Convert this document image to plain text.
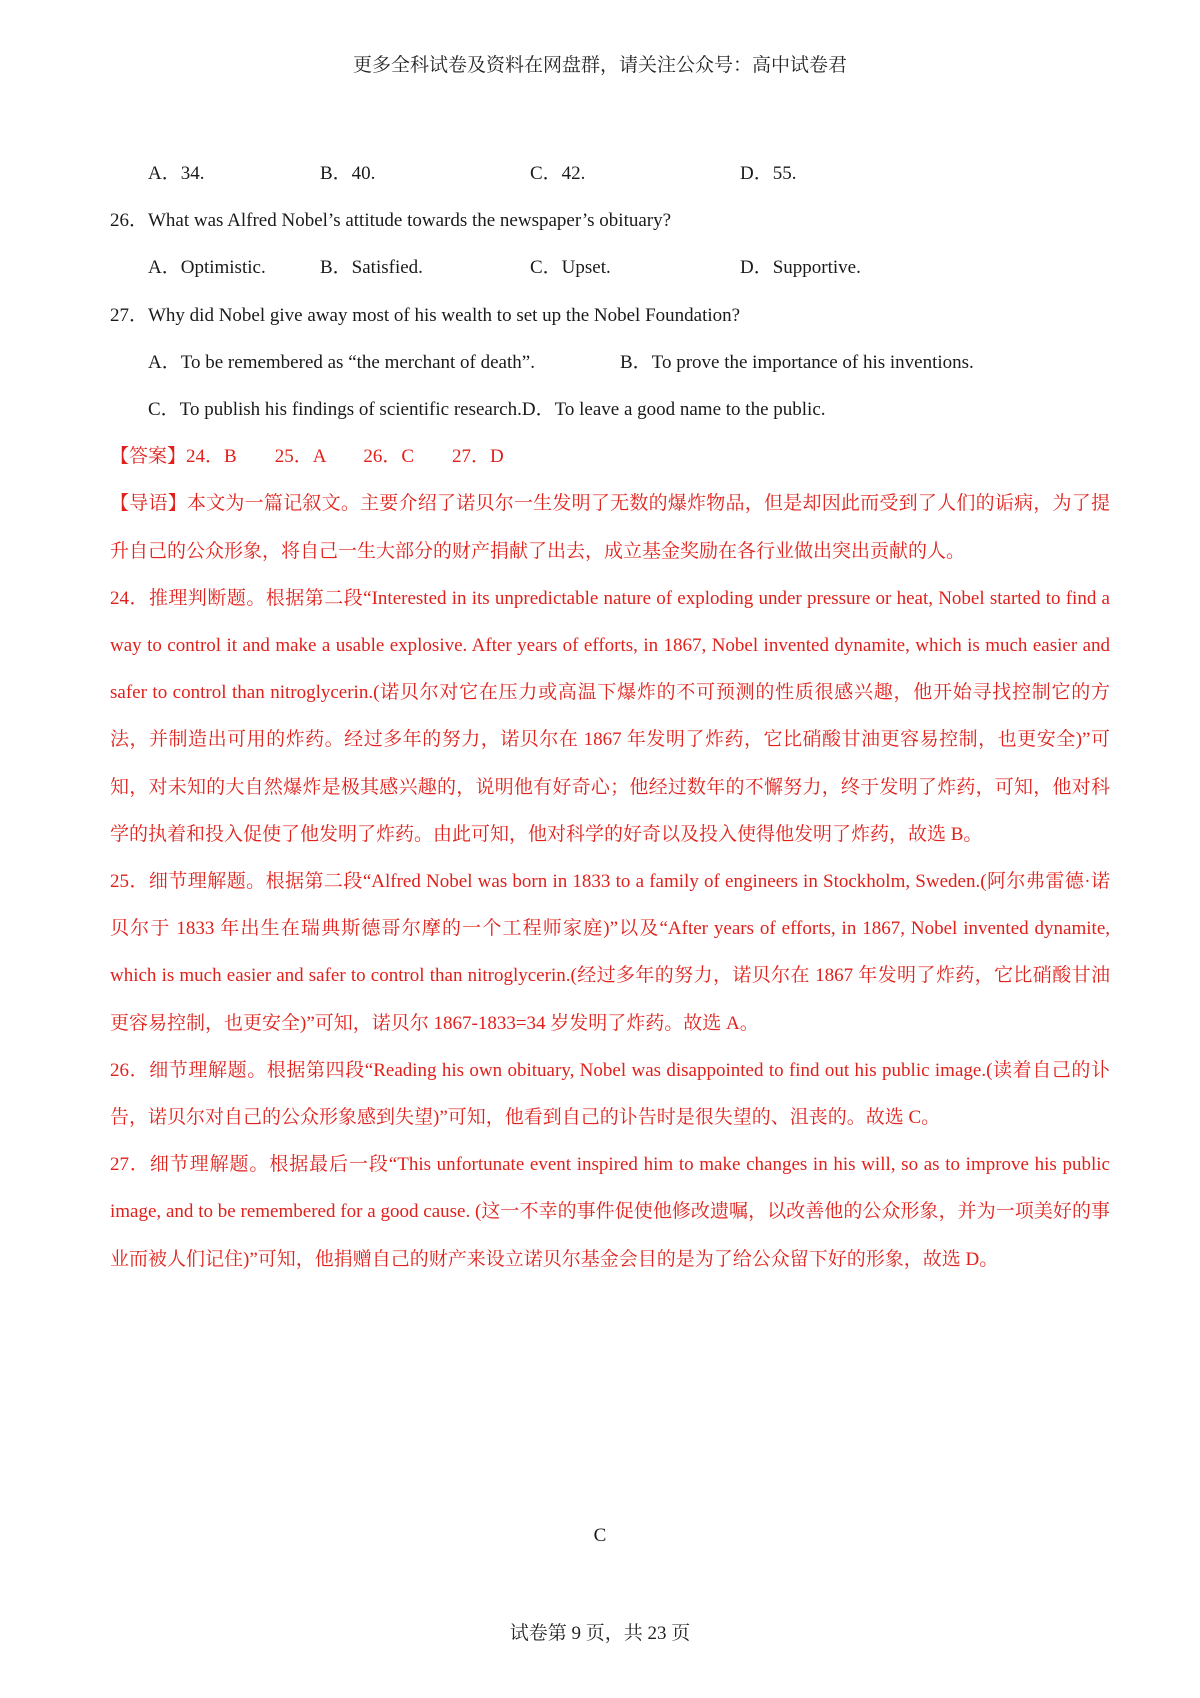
更多全科试卷及资料在网盘群，请关注公众号：高中试卷君
A．34.	B．40.	C．42.	D．55.
26．What was Alfred Nobel’s attitude towards the newspaper’s obituary?
A．Optimistic.	B．Satisfied.	C．Upset.	D．Supportive.
27．Why did Nobel give away most of his wealth to set up the Nobel Foundation?
A．To be remembered as “the merchant of death”.	B．To prove the importance of his inventions.
C．To publish his findings of scientific research.D．To leave a good name to the public.
【答案】24．B　　25．A　　26．C　　27．D

【导语】本文为一篇记叙文。主要介绍了诺贝尔一生发明了无数的爆炸物品，但是却因此而受到了人们的诟病，为了提升自己的公众形象，将自己一生大部分的财产捐献了出去，成立基金奖励在各行业做出突出贡献的人。

24．推理判断题。根据第二段“Interested in its unpredictable nature of exploding under pressure or heat, Nobel started to find a way to control it and make a usable explosive. After years of efforts, in 1867, Nobel invented dynamite, which is much easier and safer to control than nitroglycerin.(诺贝尔对它在压力或高温下爆炸的不可预测的性质很感兴趣，他开始寻找控制它的方法，并制造出可用的炸药。经过多年的努力，诺贝尔在 1867 年发明了炸药，它比硝酸甘油更容易控制，也更安全)”可知，对未知的大自然爆炸是极其感兴趣的，说明他有好奇心；他经过数年的不懈努力，终于发明了炸药，可知，他对科学的执着和投入促使了他发明了炸药。由此可知，他对科学的好奇以及投入使得他发明了炸药，故选 B。

25．细节理解题。根据第二段“Alfred Nobel was born in 1833 to a family of engineers in Stockholm, Sweden.(阿尔弗雷德·诺贝尔于 1833 年出生在瑞典斯德哥尔摩的一个工程师家庭)”以及“After years of efforts, in 1867, Nobel invented dynamite, which is much easier and safer to control than nitroglycerin.(经过多年的努力，诺贝尔在 1867 年发明了炸药，它比硝酸甘油更容易控制，也更安全)”可知，诺贝尔 1867-1833=34 岁发明了炸药。故选 A。

26．细节理解题。根据第四段“Reading his own obituary, Nobel was disappointed to find out his public image.(读着自己的讣告，诺贝尔对自己的公众形象感到失望)”可知，他看到自己的讣告时是很失望的、沮丧的。故选 C。

27．细节理解题。根据最后一段“This unfortunate event inspired him to make changes in his will, so as to improve his public image, and to be remembered for a good cause. (这一不幸的事件促使他修改遗嘱，以改善他的公众形象，并为一项美好的事业而被人们记住)”可知，他捐赠自己的财产来设立诺贝尔基金会目的是为了给公众留下好的形象，故选 D。

C
试卷第 9 页，共 23 页
